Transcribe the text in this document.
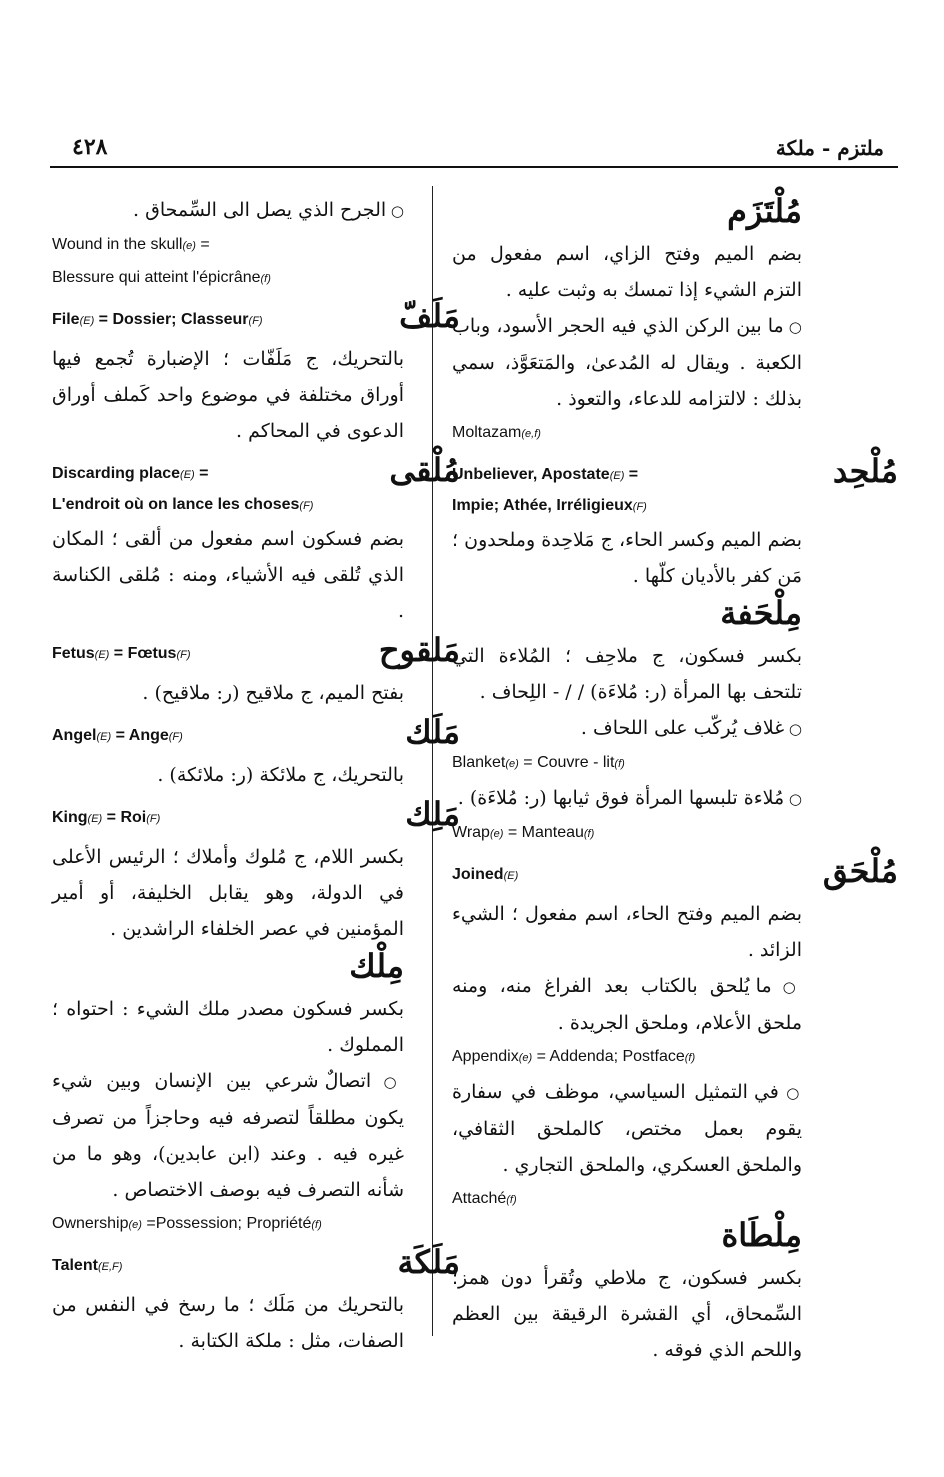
٤٢٨	ملتزم - ملكة
مُلْتَزَم
بضم الميم وفتح الزاي، اسم مفعول من التزم الشيء إذا تمسك به وثبت عليه .
○ ما بين الركن الذي فيه الحجر الأسود، وباب الكعبة . ويقال له المُدعىٰ، والمَتعَوَّذ، سمي بذلك : لالتزامه للدعاء، والتعوذ .
Moltazam(e,f)
مُلْحِد
Unbeliever, Apostate(E) =
Impie; Athée, Irréligieux(F)
بضم الميم وكسر الحاء، ج مَلاحِدة وملحدون ؛ مَن كفر بالأديان كلّها .
مِلْحَفة
بكسر فسكون، ج ملاحِف ؛ المُلاءة التي تلتحف بها المرأة (ر: مُلاءَة) / / - اللِحاف .
○ غلاف يُركّب على اللحاف .
Blanket(e) = Couvre - lit(f)
○ مُلاءة تلبسها المرأة فوق ثيابها (ر: مُلاءَة) .
Wrap(e) = Manteau(f)
مُلْحَق
Joined(E)
بضم الميم وفتح الحاء، اسم مفعول ؛ الشيء الزائد .
○ ما يُلحق بالكتاب بعد الفراغ منه، ومنه ملحق الأعلام، وملحق الجريدة .
Appendix(e) = Addenda; Postface(f)
○ في التمثيل السياسي، موظف في سفارة يقوم بعمل مختص، كالملحق الثقافي، والملحق العسكري، والملحق التجاري .
Attaché(f)
مِلْطَاة
بكسر فسكون، ج ملاطي وتُقرأ دون همز؛ السِّمحاق، أي القشرة الرقيقة بين العظم واللحم الذي فوقه .
○ الجرح الذي يصل الى السِّمحاق .
Wound in the skull(e) =
Blessure qui atteint l'épicrâne(f)
مَلَفّ
File(E) = Dossier; Classeur(F)
بالتحريك، ج مَلَفّات ؛ الإضبارة تُجمع فيها أوراق مختلفة في موضوع واحد كَملف أوراق الدعوى في المحاكم .
مُلْقى
Discarding place(E) =
L'endroit où on lance les choses(F)
بضم فسكون اسم مفعول من ألقى ؛ المكان الذي تُلقى فيه الأشياء، ومنه : مُلقى الكناسة .
مَلقوح
Fetus(E) = Fœtus(F)
بفتح الميم، ج ملاقيح (ر: ملاقيح) .
مَلَك
Angel(E) = Ange(F)
بالتحريك، ج ملائكة (ر: ملائكة) .
مَلِك
King(E) = Roi(F)
بكسر اللام، ج مُلوك وأملاك ؛ الرئيس الأعلى في الدولة، وهو يقابل الخليفة، أو أمير المؤمنين في عصر الخلفاء الراشدين .
مِلْك
بكسر فسكون مصدر ملك الشيء : احتواه ؛ المملوك .
○ اتصالٌ شرعي بين الإنسان وبين شيء يكون مطلقاً لتصرفه فيه وحاجزاً من تصرف غيره فيه . وعند (ابن عابدين)، وهو ما من شأنه التصرف فيه بوصف الاختصاص .
Ownership(e) =Possession; Propriété(f)
مَلَكَة
Talent(E,F)
بالتحريك من مَلَك ؛ ما رسخ في النفس من الصفات، مثل : ملكة الكتابة .
